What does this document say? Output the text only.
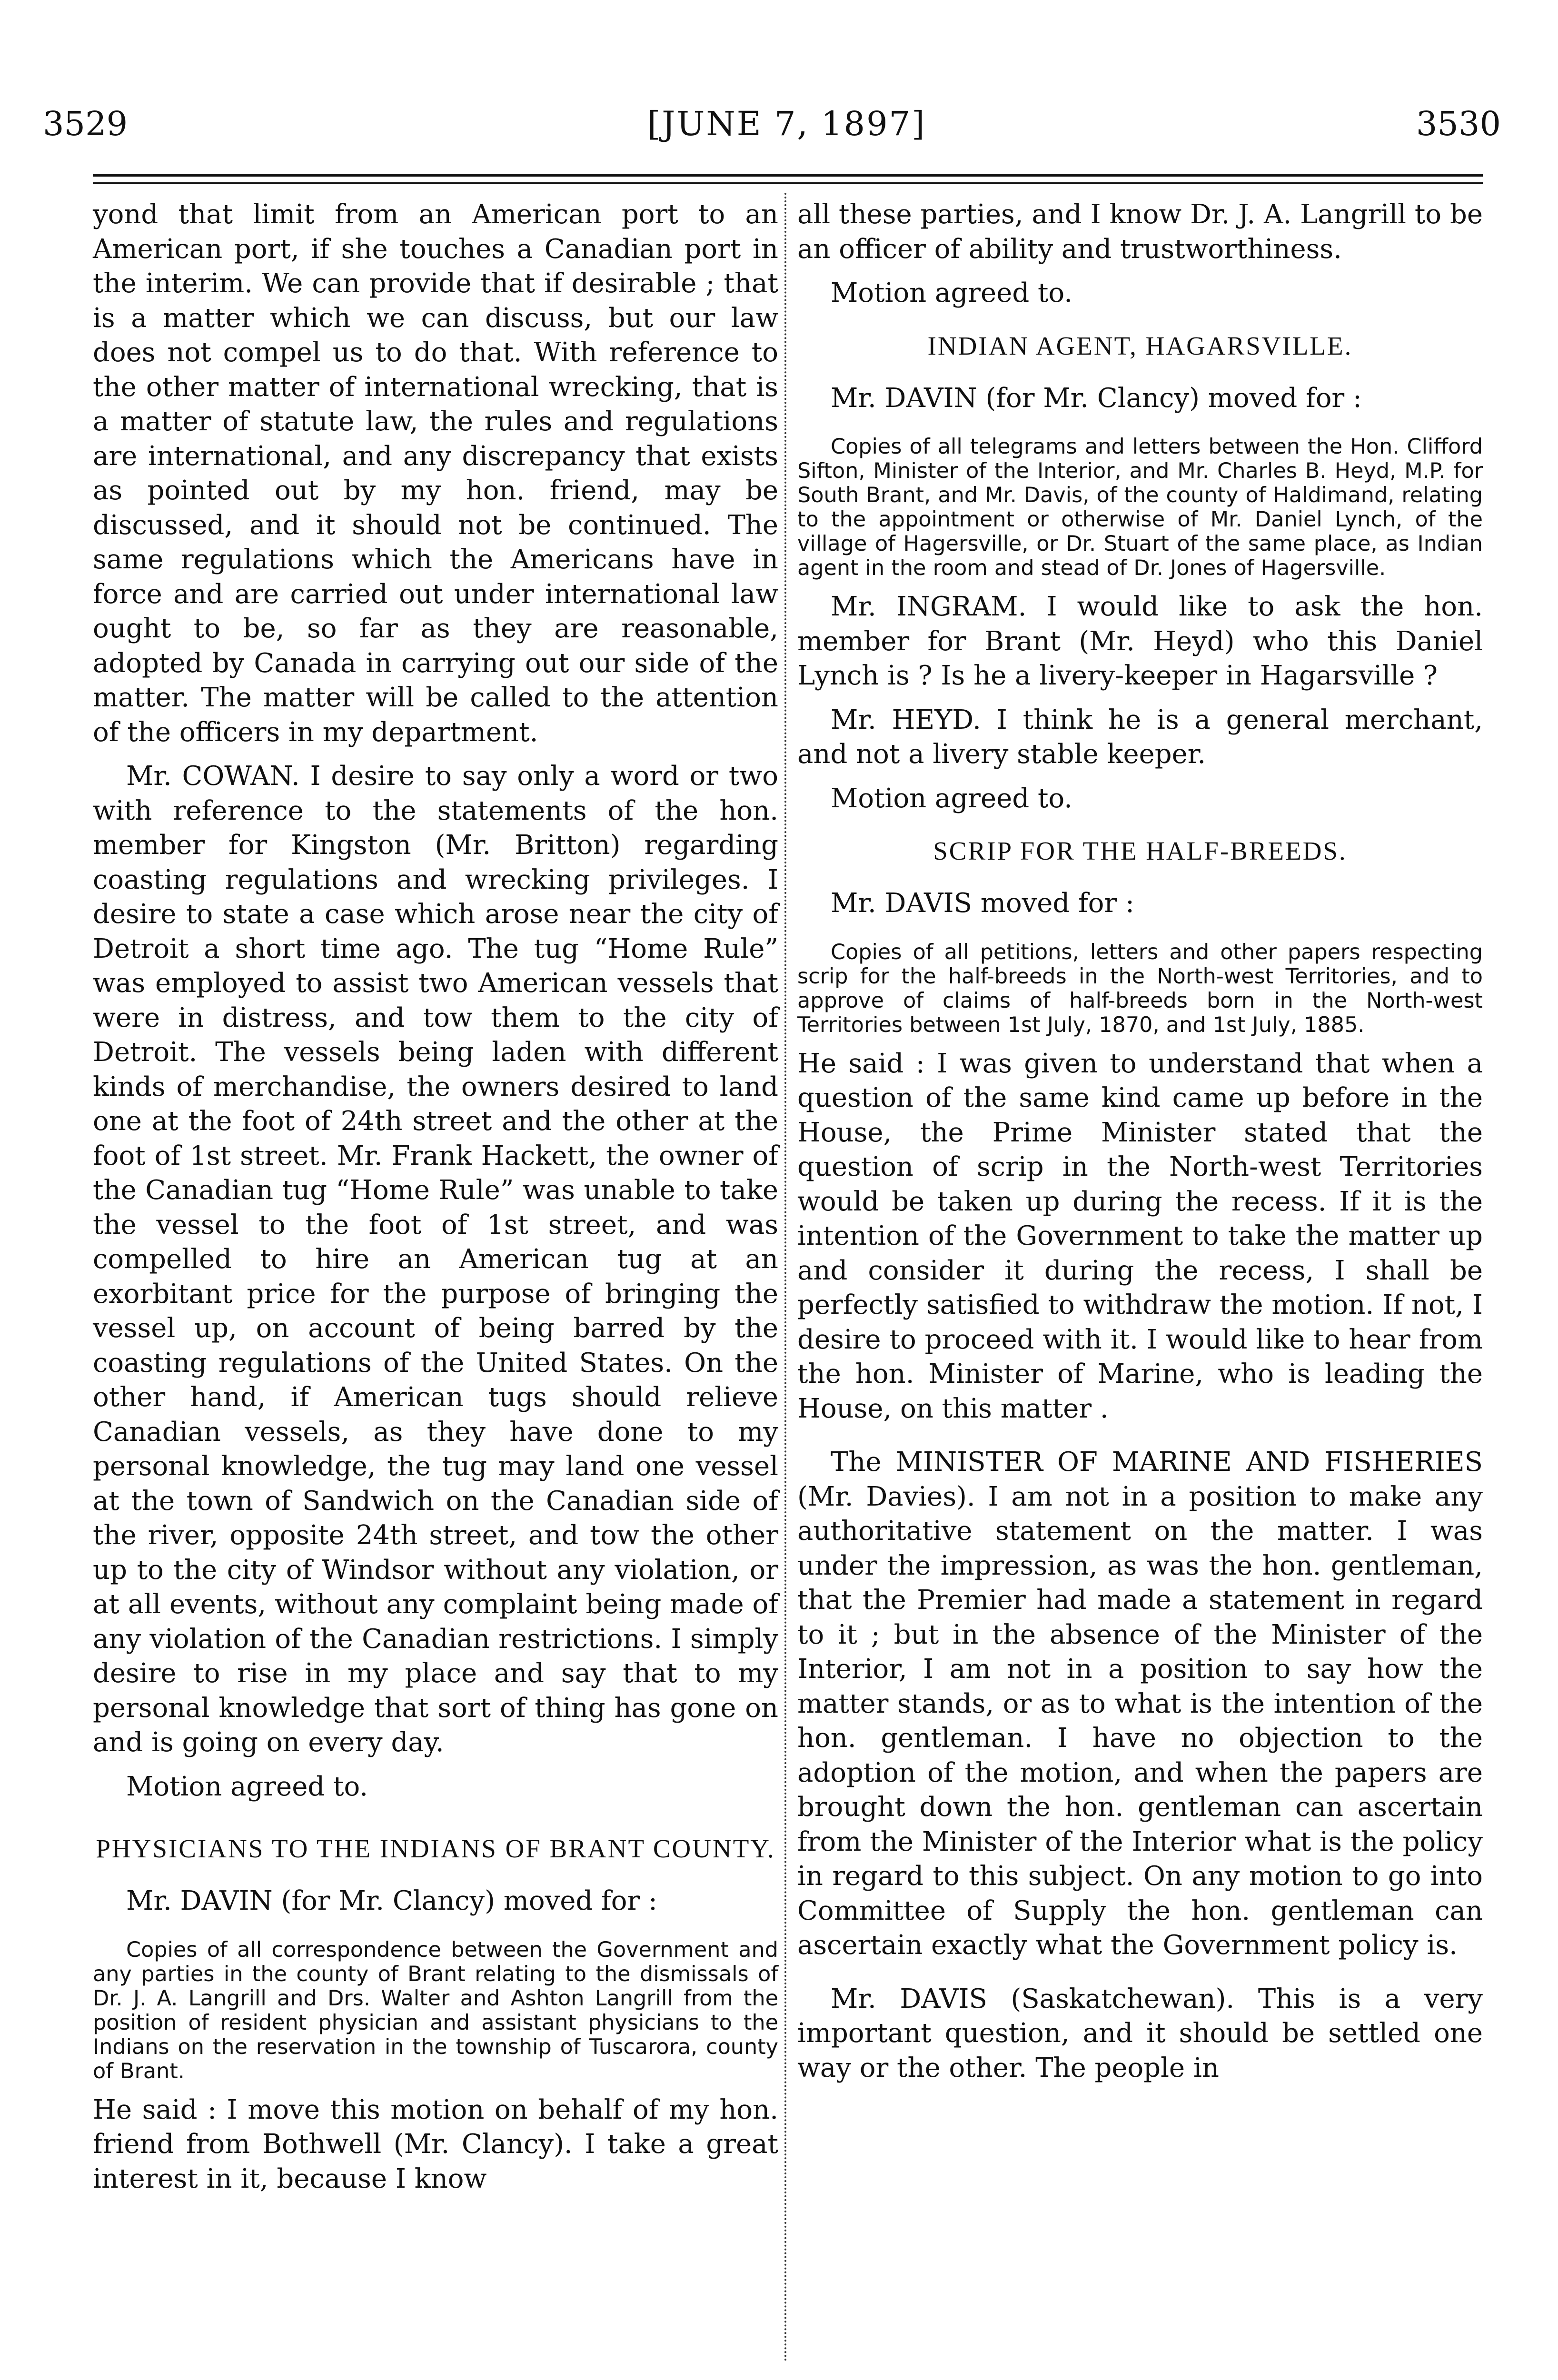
3529	[JUNE 7, 1897]	3530

yond that limit from an American port to an American port, if she touches a Canadian port in the interim. We can provide that if desirable ; that is a matter which we can discuss, but our law does not compel us to do that. With reference to the other matter of international wrecking, that is a matter of statute law, the rules and regulations are international, and any discrepancy that exists as pointed out by my hon. friend, may be discussed, and it should not be continued. The same regulations which the Americans have in force and are carried out under international law ought to be, so far as they are reasonable, adopted by Canada in carrying out our side of the matter. The matter will be called to the attention of the officers in my department.

Mr. COWAN. I desire to say only a word or two with reference to the statements of the hon. member for Kingston (Mr. Britton) regarding coasting regulations and wrecking privileges. I desire to state a case which arose near the city of Detroit a short time ago. The tug “Home Rule” was employed to assist two American vessels that were in distress, and tow them to the city of Detroit. The vessels being laden with different kinds of merchandise, the owners desired to land one at the foot of 24th street and the other at the foot of 1st street. Mr. Frank Hackett, the owner of the Canadian tug “Home Rule” was unable to take the vessel to the foot of 1st street, and was compelled to hire an American tug at an exorbitant price for the purpose of bringing the vessel up, on account of being barred by the coasting regulations of the United States. On the other hand, if American tugs should relieve Canadian vessels, as they have done to my personal knowledge, the tug may land one vessel at the town of Sandwich on the Canadian side of the river, opposite 24th street, and tow the other up to the city of Windsor without any violation, or at all events, without any complaint being made of any violation of the Canadian restrictions. I simply desire to rise in my place and say that to my personal knowledge that sort of thing has gone on and is going on every day.

Motion agreed to.

PHYSICIANS TO THE INDIANS OF BRANT COUNTY.

Mr. DAVIN (for Mr. Clancy) moved for :

Copies of all correspondence between the Government and any parties in the county of Brant relating to the dismissals of Dr. J. A. Langrill and Drs. Walter and Ashton Langrill from the position of resident physician and assistant physicians to the Indians on the reservation in the township of Tuscarora, county of Brant.

He said : I move this motion on behalf of my hon. friend from Bothwell (Mr. Clancy). I take a great interest in it, because I know

all these parties, and I know Dr. J. A. Langrill to be an officer of ability and trustworthiness.

Motion agreed to.

INDIAN AGENT, HAGARSVILLE.

Mr. DAVIN (for Mr. Clancy) moved for :

Copies of all telegrams and letters between the Hon. Clifford Sifton, Minister of the Interior, and Mr. Charles B. Heyd, M.P. for South Brant, and Mr. Davis, of the county of Haldimand, relating to the appointment or otherwise of Mr. Daniel Lynch, of the village of Hagersville, or Dr. Stuart of the same place, as Indian agent in the room and stead of Dr. Jones of Hagersville.

Mr. INGRAM. I would like to ask the hon. member for Brant (Mr. Heyd) who this Daniel Lynch is ? Is he a livery-keeper in Hagarsville ?

Mr. HEYD. I think he is a general merchant, and not a livery stable keeper.

Motion agreed to.

SCRIP FOR THE HALF-BREEDS.

Mr. DAVIS moved for :

Copies of all petitions, letters and other papers respecting scrip for the half-breeds in the North-west Territories, and to approve of claims of half-breeds born in the North-west Territories between 1st July, 1870, and 1st July, 1885.

He said : I was given to understand that when a question of the same kind came up before in the House, the Prime Minister stated that the question of scrip in the North-west Territories would be taken up during the recess. If it is the intention of the Government to take the matter up and consider it during the recess, I shall be perfectly satisfied to withdraw the motion. If not, I desire to proceed with it. I would like to hear from the hon. Minister of Marine, who is leading the House, on this matter .

The MINISTER OF MARINE AND FISHERIES (Mr. Davies). I am not in a position to make any authoritative statement on the matter. I was under the impression, as was the hon. gentleman, that the Premier had made a statement in regard to it ; but in the absence of the Minister of the Interior, I am not in a position to say how the matter stands, or as to what is the intention of the hon. gentleman. I have no objection to the adoption of the motion, and when the papers are brought down the hon. gentleman can ascertain from the Minister of the Interior what is the policy in regard to this subject. On any motion to go into Committee of Supply the hon. gentleman can ascertain exactly what the Government policy is.

Mr. DAVIS (Saskatchewan). This is a very important question, and it should be settled one way or the other. The people in
